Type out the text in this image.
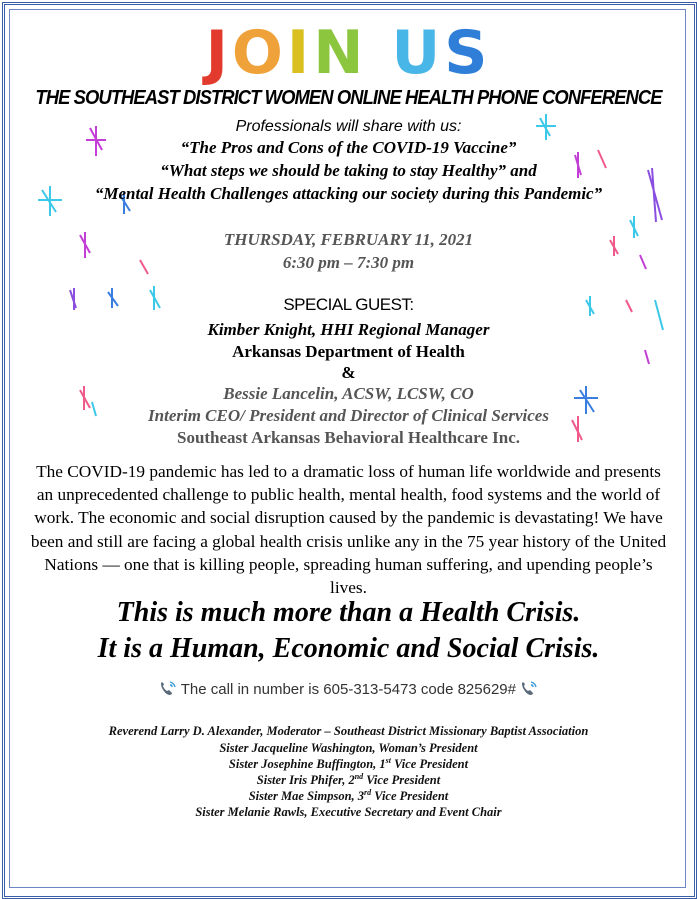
JOIN US
THE SOUTHEAST DISTRICT WOMEN ONLINE HEALTH PHONE CONFERENCE
Professionals will share with us:
“The Pros and Cons of the COVID-19 Vaccine”
“What steps we should be taking to stay Healthy” and
“Mental Health Challenges attacking our society during this Pandemic”
THURSDAY, FEBRUARY 11, 2021
6:30 pm – 7:30 pm
SPECIAL GUEST:
Kimber Knight, HHI Regional Manager
Arkansas Department of Health
&
Bessie Lancelin, ACSW, LCSW, CO
Interim CEO/ President and Director of Clinical Services
Southeast Arkansas Behavioral Healthcare Inc.
The COVID-19 pandemic has led to a dramatic loss of human life worldwide and presents an unprecedented challenge to public health, mental health, food systems and the world of work. The economic and social disruption caused by the pandemic is devastating! We have been and still are facing a global health crisis unlike any in the 75 year history of the United Nations — one that is killing people, spreading human suffering, and upending people’s lives.
This is much more than a Health Crisis.
It is a Human, Economic and Social Crisis.
The call in number is 605-313-5473 code 825629#
Reverend Larry D. Alexander, Moderator – Southeast District Missionary Baptist Association
Sister Jacqueline Washington, Woman’s President
Sister Josephine Buffington, 1st Vice President
Sister Iris Phifer, 2nd Vice President
Sister Mae Simpson, 3rd Vice President
Sister Melanie Rawls, Executive Secretary and Event Chair
